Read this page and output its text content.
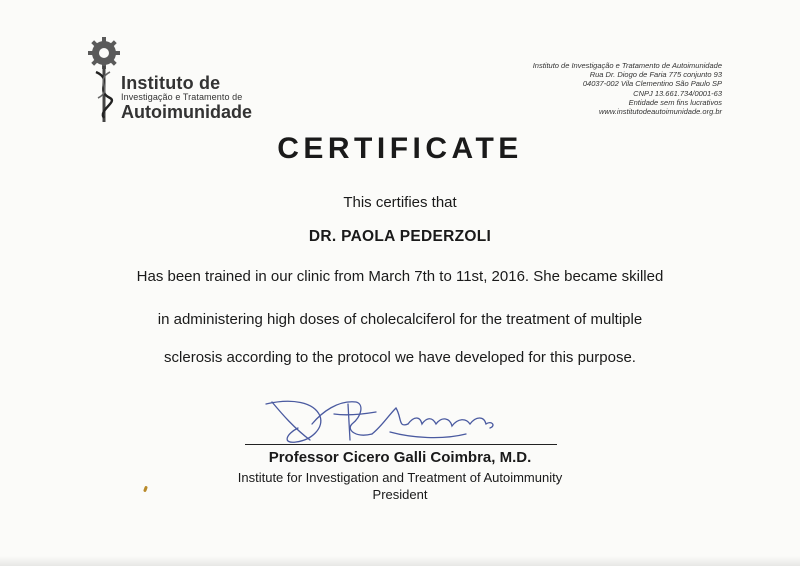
Instituto de
Investigação e Tratamento de
Autoimunidade
Instituto de Investigação e Tratamento de Autoimunidade
Rua Dr. Diogo de Faria 775 conjunto 93
04037-002 Vila Clementino São Paulo SP
CNPJ 13.661.734/0001-63
Entidade sem fins lucrativos
www.institutodeautoimunidade.org.br
CERTIFICATE
This certifies that
DR. PAOLA PEDERZOLI
Has been trained in our clinic from March 7th to 11st, 2016. She became skilled
in administering high doses of cholecalciferol for the treatment of multiple
sclerosis according to the protocol we have developed for this purpose.
Professor Cicero Galli Coimbra, M.D.
Institute for Investigation and Treatment of Autoimmunity
President
